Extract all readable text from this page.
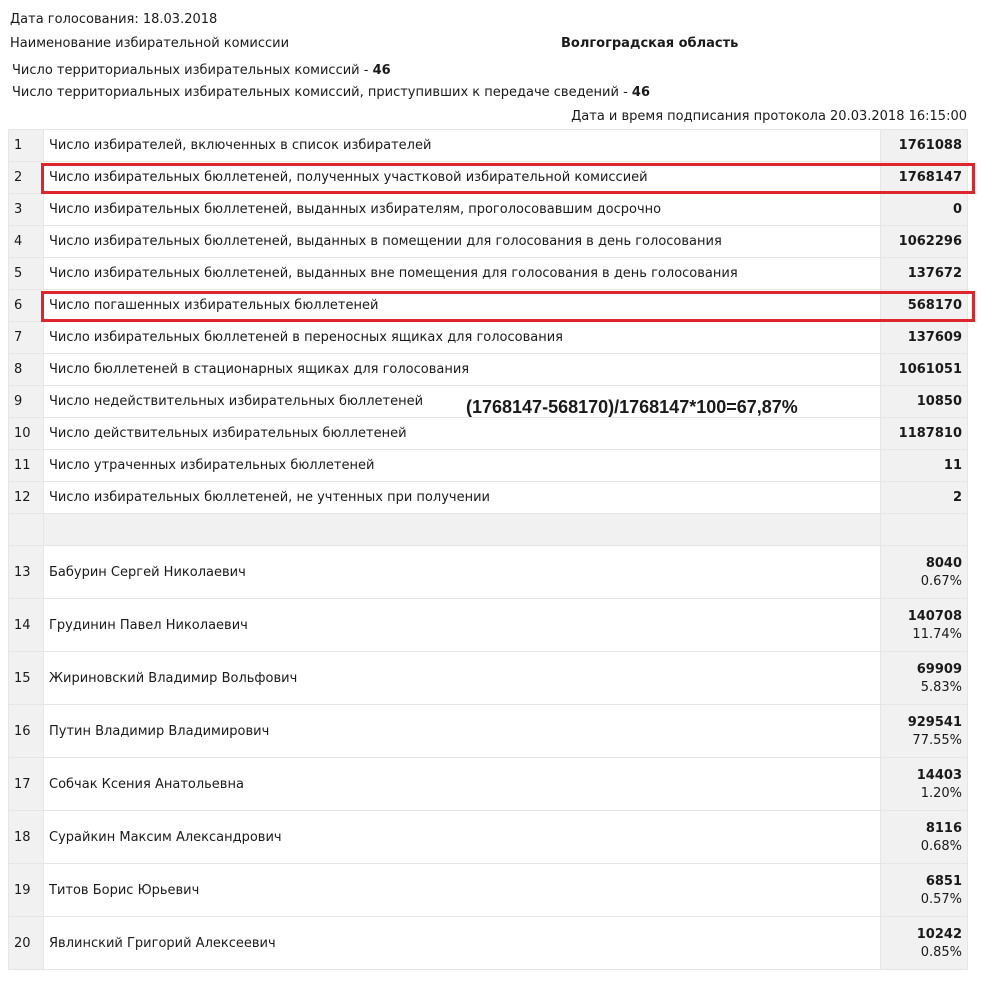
Дата голосования: 18.03.2018
Наименование избирательной комиссии	Волгоградская область
Число территориальных избирательных комиссий - 46
Число территориальных избирательных комиссий, приступивших к передаче сведений - 46
Дата и время подписания протокола 20.03.2018 16:15:00
1	Число избирателей, включенных в список избирателей	1761088
2	Число избирательных бюллетеней, полученных участковой избирательной комиссией	1768147
3	Число избирательных бюллетеней, выданных избирателям, проголосовавшим досрочно	0
4	Число избирательных бюллетеней, выданных в помещении для голосования в день голосования	1062296
5	Число избирательных бюллетеней, выданных вне помещения для голосования в день голосования	137672
6	Число погашенных избирательных бюллетеней	568170
7	Число избирательных бюллетеней в переносных ящиках для голосования	137609
8	Число бюллетеней в стационарных ящиках для голосования	1061051
9	Число недействительных избирательных бюллетеней	10850
10	Число действительных избирательных бюллетеней	1187810
11	Число утраченных избирательных бюллетеней	11
12	Число избирательных бюллетеней, не учтенных при получении	2

13	Бабурин Сергей Николаевич	8040
0.67%

14	Грудинин Павел Николаевич	140708
11.74%

15	Жириновский Владимир Вольфович	69909
5.83%

16	Путин Владимир Владимирович	929541
77.55%

17	Собчак Ксения Анатольевна	14403
1.20%

18	Сурайкин Максим Александрович	8116
0.68%

19	Титов Борис Юрьевич	6851
0.57%

20	Явлинский Григорий Алексеевич	10242
0.85%
(1768147-568170)/1768147*100=67,87%
